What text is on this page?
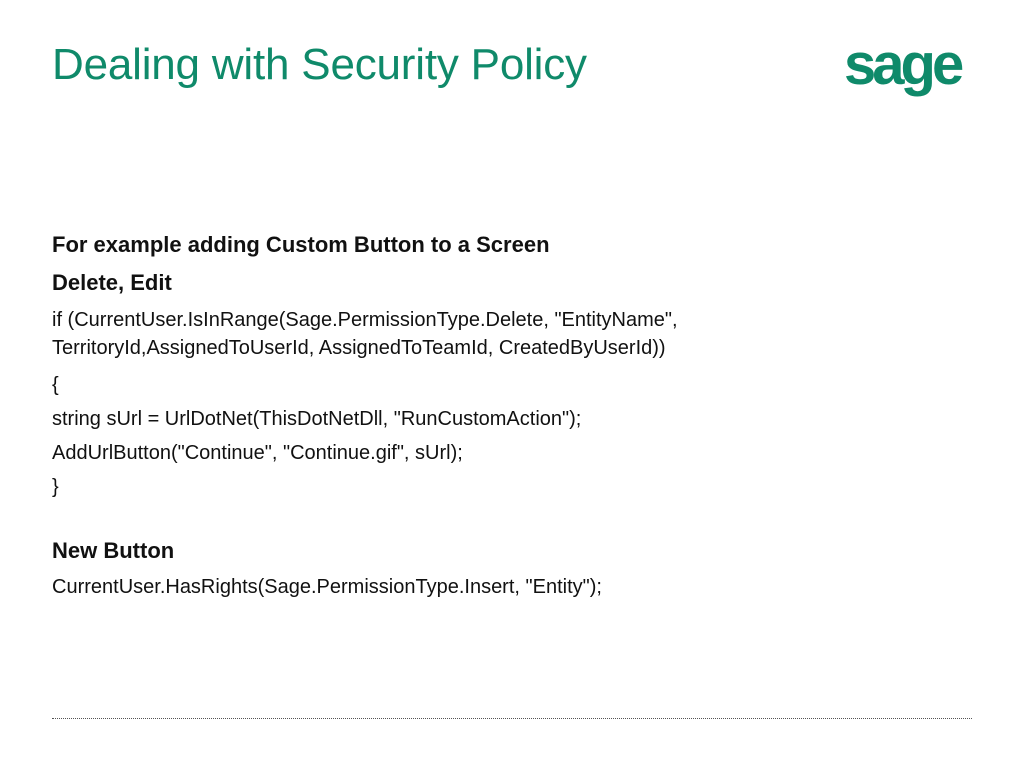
Dealing with Security Policy	sage

For example adding Custom Button to a Screen

Delete, Edit

if (CurrentUser.IsInRange(Sage.PermissionType.Delete, "EntityName", TerritoryId,AssignedToUserId, AssignedToTeamId, CreatedByUserId))

{

string sUrl = UrlDotNet(ThisDotNetDll, "RunCustomAction");

AddUrlButton("Continue", "Continue.gif", sUrl);

}

New Button

CurrentUser.HasRights(Sage.PermissionType.Insert, "Entity");
